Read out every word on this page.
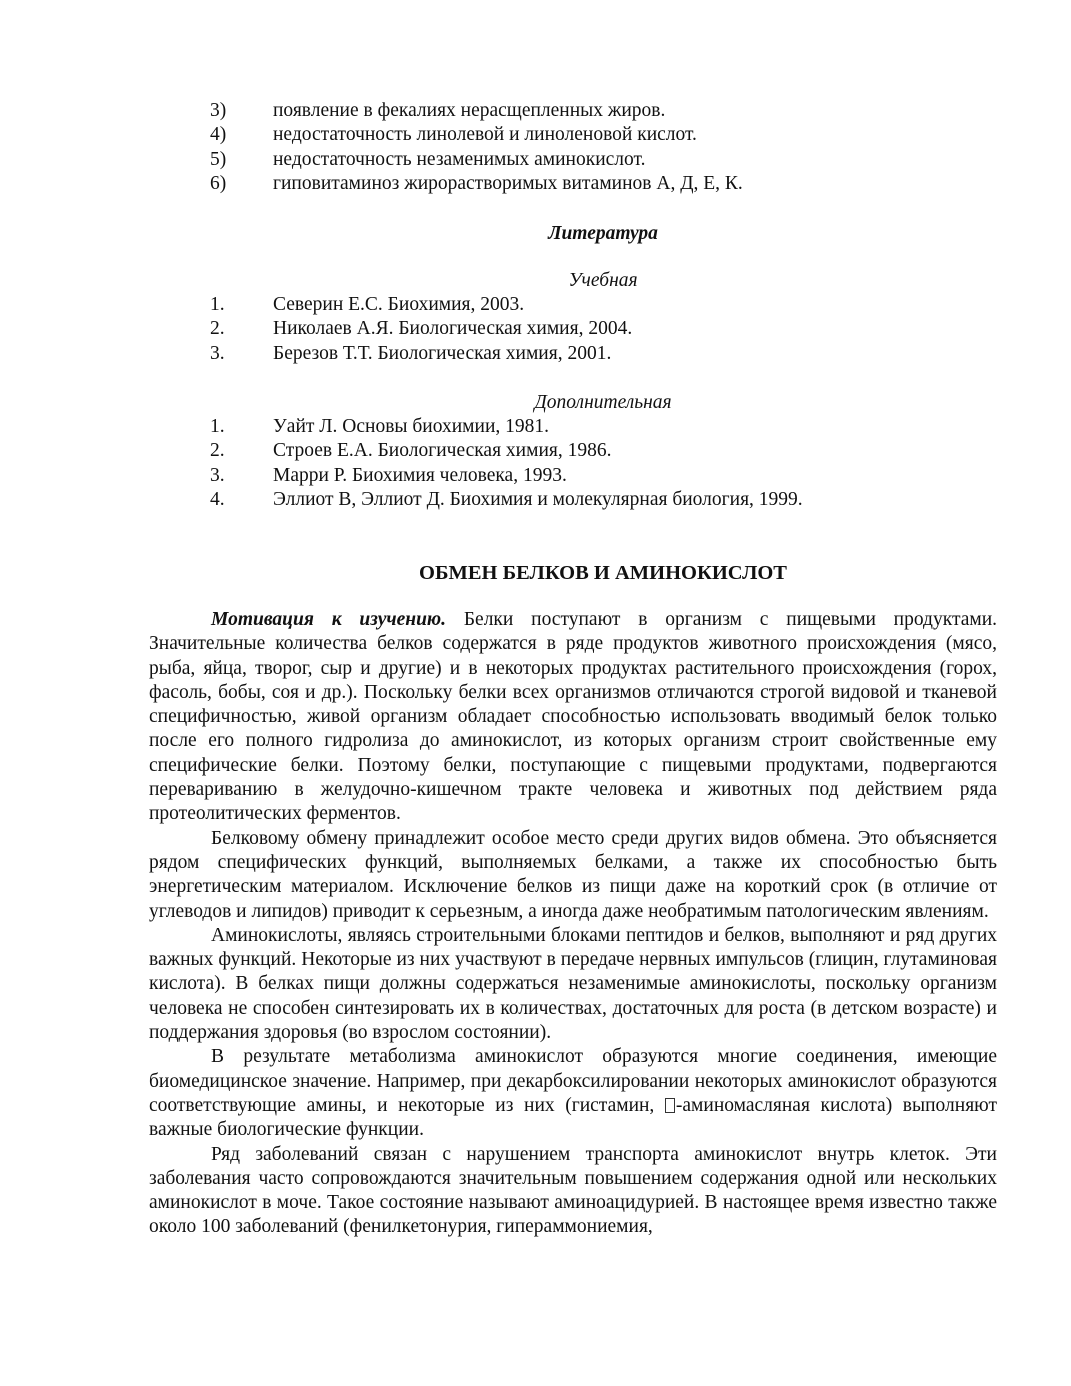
3)	появление в фекалиях нерасщепленных жиров.
4)	недостаточность линолевой и линоленовой кислот.
5)	недостаточность незаменимых аминокислот.
6)	гиповитаминоз жирорастворимых витаминов А, Д, Е, К.
Литература
Учебная
1.	Северин Е.С. Биохимия, 2003.
2.	Николаев А.Я. Биологическая химия, 2004.
3.	Березов Т.Т. Биологическая химия, 2001.
Дополнительная
1.	Уайт Л. Основы биохимии, 1981.
2.	Строев Е.А. Биологическая химия, 1986.
3.	Марри Р. Биохимия человека, 1993.
4.	Эллиот В, Эллиот Д. Биохимия и молекулярная биология, 1999.
ОБМЕН БЕЛКОВ И АМИНОКИСЛОТ

Мотивация к изучению. Белки поступают в организм с пищевыми продуктами. Значительные количества белков содержатся в ряде продуктов животного происхождения (мясо, рыба, яйца, творог, сыр и другие) и в некоторых продуктах растительного происхождения (горох, фасоль, бобы, соя и др.). Поскольку белки всех организмов отличаются строгой видовой и тканевой специфичностью, живой организм обладает способностью использовать вводимый белок только после его полного гидролиза до аминокислот, из которых организм строит свойственные ему специфические белки. Поэтому белки, поступающие с пищевыми продуктами, подвергаются перевариванию в желудочно-кишечном тракте человека и животных под действием ряда протеолитических ферментов.

Белковому обмену принадлежит особое место среди других видов обмена. Это объясняется рядом специфических функций, выполняемых белками, а также их способностью быть энергетическим материалом. Исключение белков из пищи даже на короткий срок (в отличие от углеводов и липидов) приводит к серьезным, а иногда даже необратимым патологическим явлениям.

Аминокислоты, являясь строительными блоками пептидов и белков, выполняют и ряд других важных функций. Некоторые из них участвуют в передаче нервных импульсов (глицин, глутаминовая кислота). В белках пищи должны содержаться незаменимые аминокислоты, поскольку организм человека не способен синтезировать их в количествах, достаточных для роста (в детском возрасте) и поддержания здоровья (во взрослом состоянии).

В результате метаболизма аминокислот образуются многие соединения, имеющие биомедицинское значение. Например, при декарбоксилировании некоторых аминокислот образуются соответствующие амины, и некоторые из них (гистамин, -аминомасляная кислота) выполняют важные биологические функции.

Ряд заболеваний связан с нарушением транспорта аминокислот внутрь клеток. Эти заболевания часто сопровождаются значительным повышением содержания одной или нескольких аминокислот в моче. Такое состояние называют аминоацидурией. В настоящее время известно также около 100 заболеваний (фенилкетонурия, гипераммониемия,
